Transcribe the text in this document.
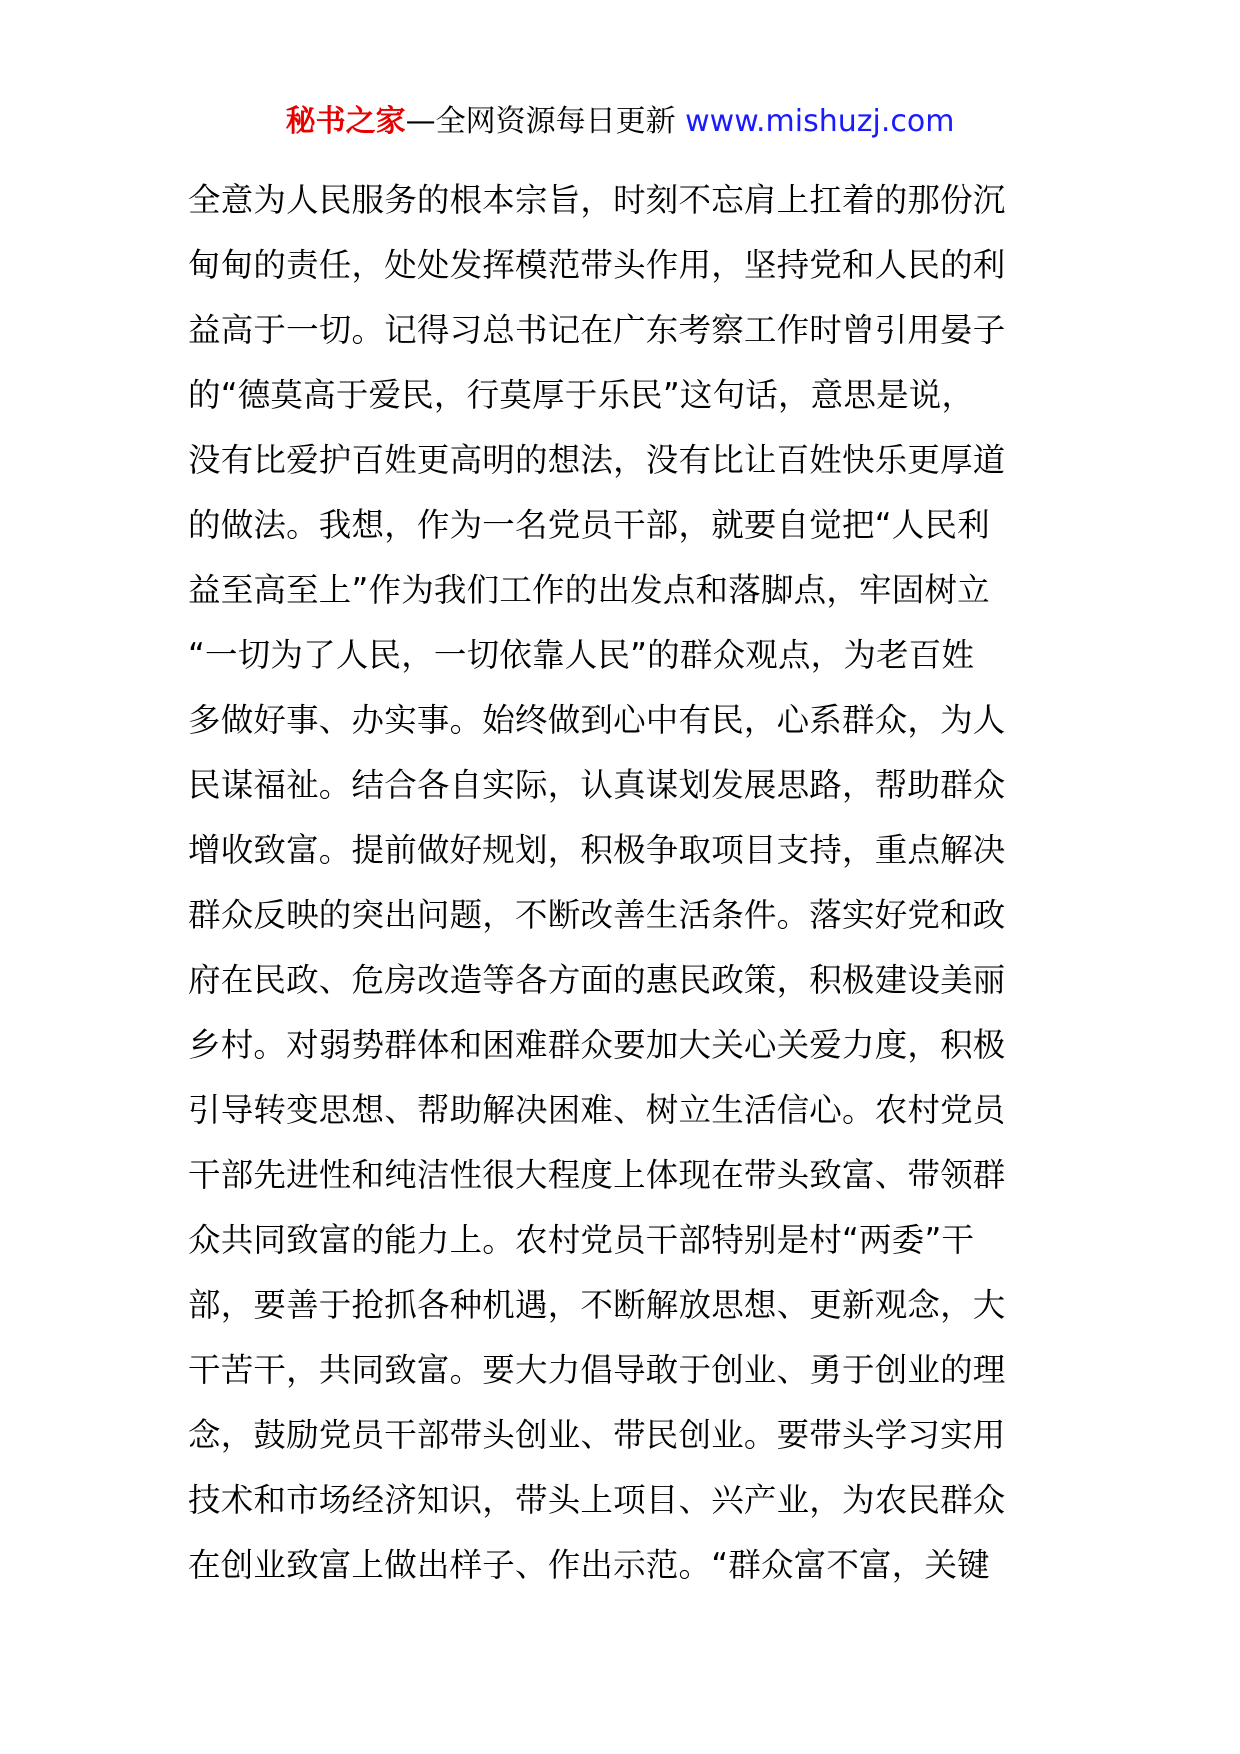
秘书之家—全网资源每日更新 www.mishuzj.com
全意为人民服务的根本宗旨，时刻不忘肩上扛着的那份沉
甸甸的责任，处处发挥模范带头作用，坚持党和人民的利
益高于一切。记得习总书记在广东考察工作时曾引用晏子
的“德莫高于爱民，行莫厚于乐民”这句话，意思是说，
没有比爱护百姓更高明的想法，没有比让百姓快乐更厚道
的做法。我想，作为一名党员干部，就要自觉把“人民利
益至高至上”作为我们工作的出发点和落脚点，牢固树立
“一切为了人民，一切依靠人民”的群众观点，为老百姓
多做好事、办实事。始终做到心中有民，心系群众，为人
民谋福祉。结合各自实际，认真谋划发展思路，帮助群众
增收致富。提前做好规划，积极争取项目支持，重点解决
群众反映的突出问题，不断改善生活条件。落实好党和政
府在民政、危房改造等各方面的惠民政策，积极建设美丽
乡村。对弱势群体和困难群众要加大关心关爱力度，积极
引导转变思想、帮助解决困难、树立生活信心。农村党员
干部先进性和纯洁性很大程度上体现在带头致富、带领群
众共同致富的能力上。农村党员干部特别是村“两委”干
部，要善于抢抓各种机遇，不断解放思想、更新观念，大
干苦干，共同致富。要大力倡导敢于创业、勇于创业的理
念，鼓励党员干部带头创业、带民创业。要带头学习实用
技术和市场经济知识，带头上项目、兴产业，为农民群众
在创业致富上做出样子、作出示范。“群众富不富，关键
